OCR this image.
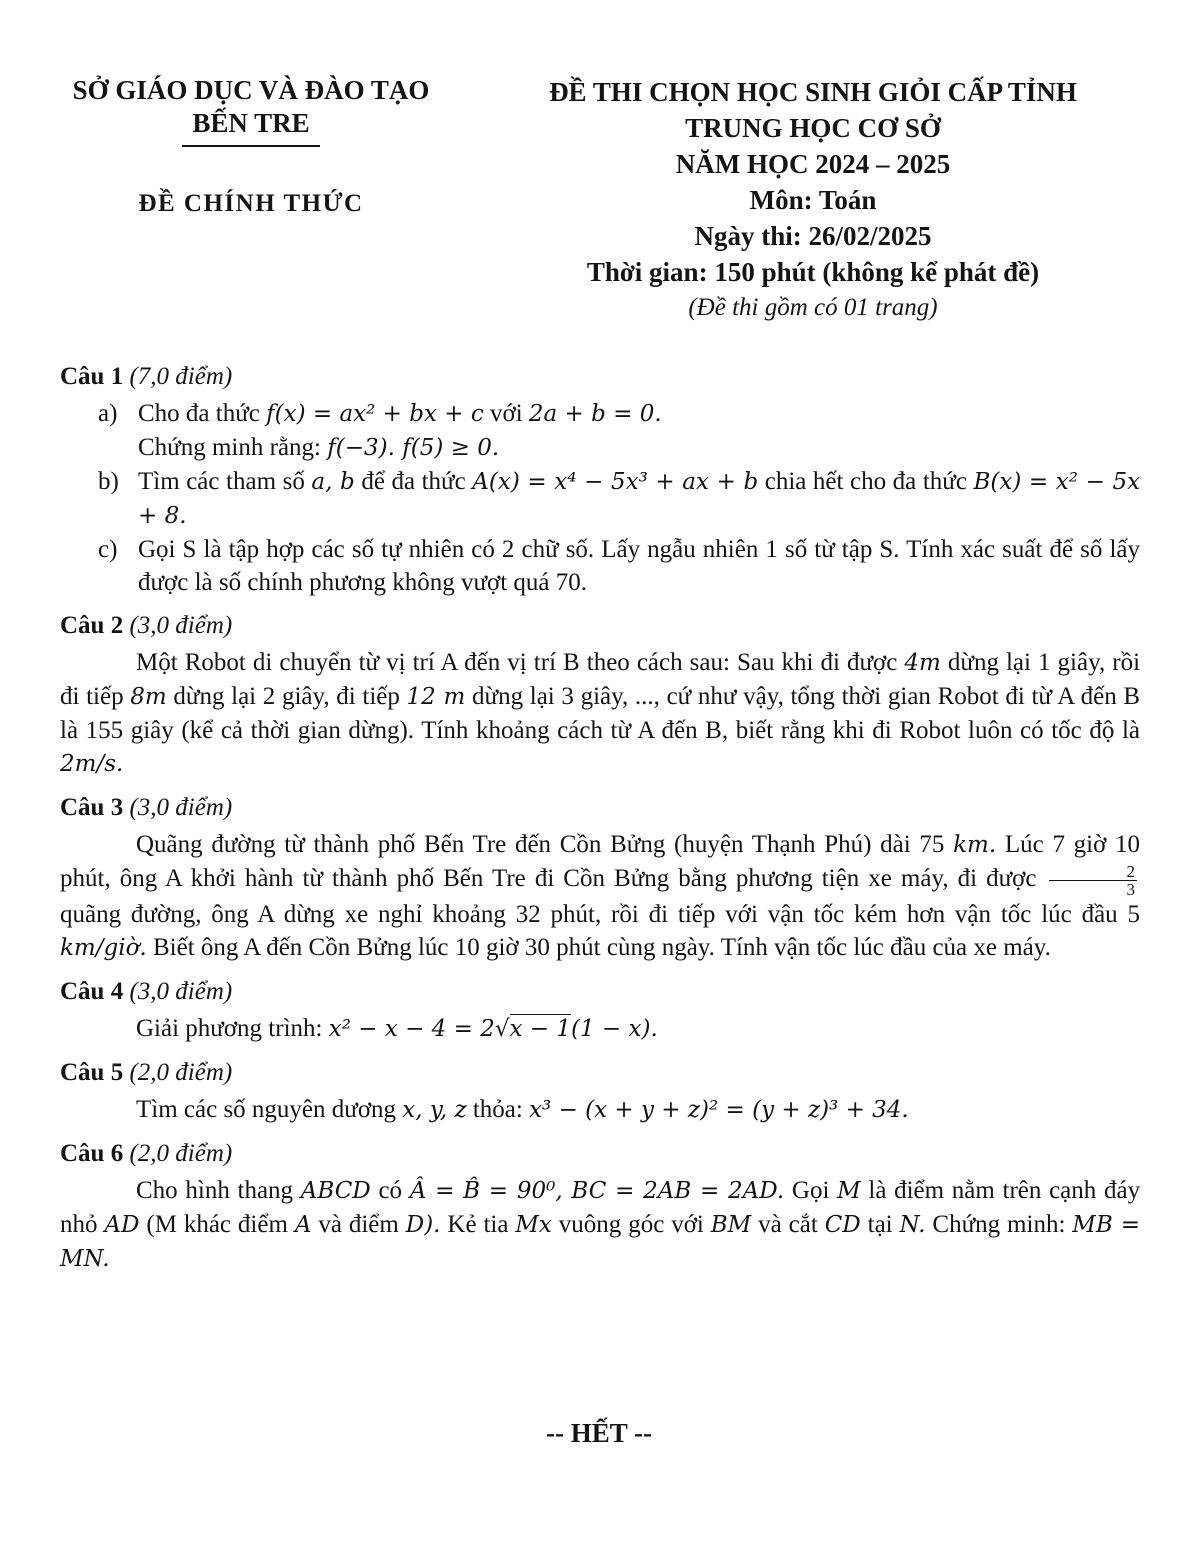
SỞ GIÁO DỤC VÀ ĐÀO TẠO
BẾN TRE
ĐỀ CHÍNH THỨC
ĐỀ THI CHỌN HỌC SINH GIỎI CẤP TỈNH
TRUNG HỌC CƠ SỞ
NĂM HỌC 2024 – 2025
Môn: Toán
Ngày thi: 26/02/2025
Thời gian: 150 phút (không kể phát đề)
(Đề thi gồm có 01 trang)
Câu 1 (7,0 điểm)
a) Cho đa thức f(x) = ax² + bx + c với 2a + b = 0.
Chứng minh rằng: f(−3). f(5) ≥ 0.
b) Tìm các tham số a, b để đa thức A(x) = x⁴ − 5x³ + ax + b chia hết cho đa thức B(x) = x² − 5x + 8.
c) Gọi S là tập hợp các số tự nhiên có 2 chữ số. Lấy ngẫu nhiên 1 số từ tập S. Tính xác suất để số lấy được là số chính phương không vượt quá 70.
Câu 2 (3,0 điểm)
Một Robot di chuyển từ vị trí A đến vị trí B theo cách sau: Sau khi đi được 4m dừng lại 1 giây, rồi đi tiếp 8m dừng lại 2 giây, đi tiếp 12 m dừng lại 3 giây, ..., cứ như vậy, tổng thời gian Robot đi từ A đến B là 155 giây (kể cả thời gian dừng). Tính khoảng cách từ A đến B, biết rằng khi đi Robot luôn có tốc độ là 2m/s.
Câu 3 (3,0 điểm)
Quãng đường từ thành phố Bến Tre đến Cồn Bửng (huyện Thạnh Phú) dài 75 km. Lúc 7 giờ 10 phút, ông A khởi hành từ thành phố Bến Tre đi Cồn Bửng bằng phương tiện xe máy, đi được $\frac{2}{3}$
quãng đường, ông A dừng xe nghỉ khoảng 32 phút, rồi đi tiếp với vận tốc kém hơn vận tốc lúc đầu 5 km/giờ. Biết ông A đến Cồn Bửng lúc 10 giờ 30 phút cùng ngày. Tính vận tốc lúc đầu của xe máy.
Câu 4 (3,0 điểm)
Giải phương trình: x² − x − 4 = 2√x − 1(1 − x).
Câu 5 (2,0 điểm)
Tìm các số nguyên dương x, y, z thỏa: x³ − (x + y + z)² = (y + z)³ + 34.
Câu 6 (2,0 điểm)
Cho hình thang ABCD có Â = B̂ = 90⁰, BC = 2AB = 2AD. Gọi M là điểm nằm trên cạnh đáy nhỏ AD (M khác điểm A và điểm D). Kẻ tia Mx vuông góc với BM và cắt CD tại N. Chứng minh: MB = MN.
-- HẾT --
